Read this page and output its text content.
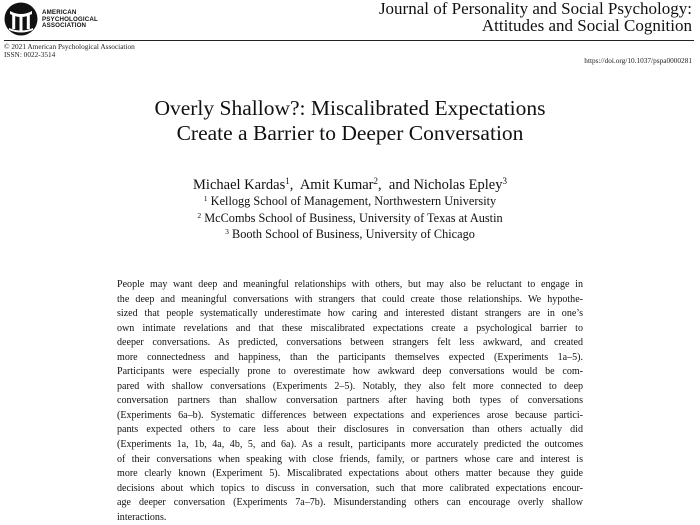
AMERICAN
PSYCHOLOGICAL
ASSOCIATION
Journal of Personality and Social Psychology:
Attitudes and Social Cognition
© 2021 American Psychological Association
ISSN: 0022-3514
https://doi.org/10.1037/pspa0000281
Overly Shallow?: Miscalibrated Expectations
Create a Barrier to Deeper Conversation
Michael Kardas$^1$,  Amit Kumar$^2$,  and Nicholas Epley$^3$
$^1$ Kellogg School of Management, Northwestern University
$^2$ McCombs School of Business, University of Texas at Austin
$^3$ Booth School of Business, University of Chicago
People may want deep and meaningful relationships with others, but may also be reluctant to engage in
the deep and meaningful conversations with strangers that could create those relationships. We hypothe-
sized that people systematically underestimate how caring and interested distant strangers are in one’s
own intimate revelations and that these miscalibrated expectations create a psychological barrier to
deeper conversations. As predicted, conversations between strangers felt less awkward, and created
more connectedness and happiness, than the participants themselves expected (Experiments 1a–5).
Participants were especially prone to overestimate how awkward deep conversations would be com-
pared with shallow conversations (Experiments 2–5). Notably, they also felt more connected to deep
conversation partners than shallow conversation partners after having both types of conversations
(Experiments 6a–b). Systematic differences between expectations and experiences arose because partici-
pants expected others to care less about their disclosures in conversation than others actually did
(Experiments 1a, 1b, 4a, 4b, 5, and 6a). As a result, participants more accurately predicted the outcomes
of their conversations when speaking with close friends, family, or partners whose care and interest is
more clearly known (Experiment 5). Miscalibrated expectations about others matter because they guide
decisions about which topics to discuss in conversation, such that more calibrated expectations encour-
age deeper conversation (Experiments 7a–7b). Misunderstanding others can encourage overly shallow
interactions.
